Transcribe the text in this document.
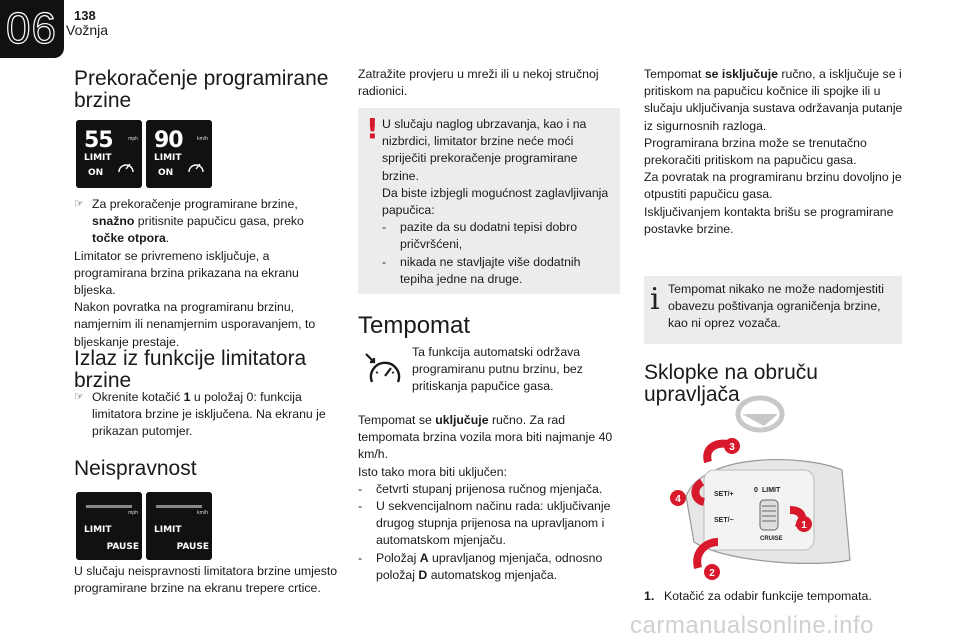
06 138
Vožnja
Prekoračenje programirane brzine
55	mph
LIMIT
ON
90	km/h
LIMIT
ON
☞ Za prekoračenje programirane brzine, snažno pritisnite papučicu gasa, preko točke otpora.
Limitator se privremeno isključuje, a programirana brzina prikazana na ekranu bljeska.
Nakon povratka na programiranu brzinu, namjernim ili nenamjernim usporavanjem, to bljeskanje prestaje.
Izlaz iz funkcije limitatora brzine
☞ Okrenite kotačić 1 u položaj 0: funkcija limitatora brzine je isključena. Na ekranu je prikazan putomjer.
Neispravnost
mph
LIMIT
PAUSE
km/h
LIMIT
PAUSE
U slučaju neispravnosti limitatora brzine umjesto programirane brzine na ekranu trepere crtice.
Zatražite provjeru u mreži ili u nekoj stručnoj radionici.
! U slučaju naglog ubrzavanja, kao i na nizbrdici, limitator brzine neće moći spriječiti prekoračenje programirane brzine.
Da biste izbjegli mogućnost zaglavljivanja papučica:
-	pazite da su dodatni tepisi dobro pričvršćeni,
-	nikada ne stavljajte više dodatnih tepiha jedne na druge.
Tempomat
Ta funkcija automatski održava programiranu putnu brzinu, bez pritiskanja papučice gasa.
Tempomat se uključuje ručno. Za rad tempomata brzina vozila mora biti najmanje 40 km/h.
Isto tako mora biti uključen:
-	četvrti stupanj prijenosa ručnog mjenjača.
-	U sekvencijalnom načinu rada: uključivanje drugog stupnja prijenosa na upravljanom i automatskom mjenjaču.
-	Položaj A upravljanog mjenjača, odnosno položaj D automatskog mjenjača.
Tempomat se isključuje ručno, a isključuje se i pritiskom na papučicu kočnice ili spojke ili u slučaju uključivanja sustava održavanja putanje iz sigurnosnih razloga.
Programirana brzina može se trenutačno prekoračiti pritiskom na papučicu gasa.
Za povratak na programiranu brzinu dovoljno je otpustiti papučicu gasa.
Isključivanjem kontakta brišu se programirane postavke brzine.
i Tempomat nikako ne može nadomjestiti obavezu poštivanja ograničenja brzine, kao ni oprez vozača.
Sklopke na obruču upravljača
SET/+
SET/−
LIMIT
0
CRUISE
3
4
1
2
1. Kotačić za odabir funkcije tempomata.
carmanualsonline.info
